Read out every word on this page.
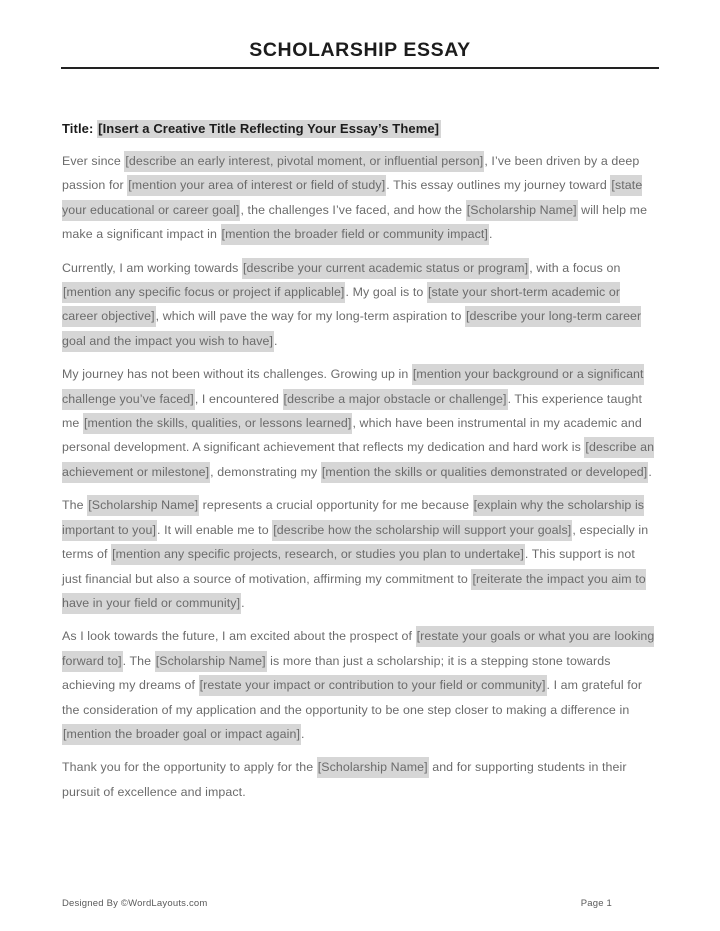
SCHOLARSHIP ESSAY
Title: [Insert a Creative Title Reflecting Your Essay’s Theme]

Ever since [describe an early interest, pivotal moment, or influential person], I’ve been driven by a deep passion for [mention your area of interest or field of study]. This essay outlines my journey toward [state your educational or career goal], the challenges I’ve faced, and how the [Scholarship Name] will help me make a significant impact in [mention the broader field or community impact].

Currently, I am working towards [describe your current academic status or program], with a focus on [mention any specific focus or project if applicable]. My goal is to [state your short-term academic or career objective], which will pave the way for my long-term aspiration to [describe your long-term career goal and the impact you wish to have].

My journey has not been without its challenges. Growing up in [mention your background or a significant challenge you’ve faced], I encountered [describe a major obstacle or challenge]. This experience taught me [mention the skills, qualities, or lessons learned], which have been instrumental in my academic and personal development. A significant achievement that reflects my dedication and hard work is [describe an achievement or milestone], demonstrating my [mention the skills or qualities demonstrated or developed].

The [Scholarship Name] represents a crucial opportunity for me because [explain why the scholarship is important to you]. It will enable me to [describe how the scholarship will support your goals], especially in terms of [mention any specific projects, research, or studies you plan to undertake]. This support is not just financial but also a source of motivation, affirming my commitment to [reiterate the impact you aim to have in your field or community].

As I look towards the future, I am excited about the prospect of [restate your goals or what you are looking forward to]. The [Scholarship Name] is more than just a scholarship; it is a stepping stone towards achieving my dreams of [restate your impact or contribution to your field or community]. I am grateful for the consideration of my application and the opportunity to be one step closer to making a difference in [mention the broader goal or impact again].

Thank you for the opportunity to apply for the [Scholarship Name] and for supporting students in their pursuit of excellence and impact.

Designed By ©WordLayouts.com	Page 1
